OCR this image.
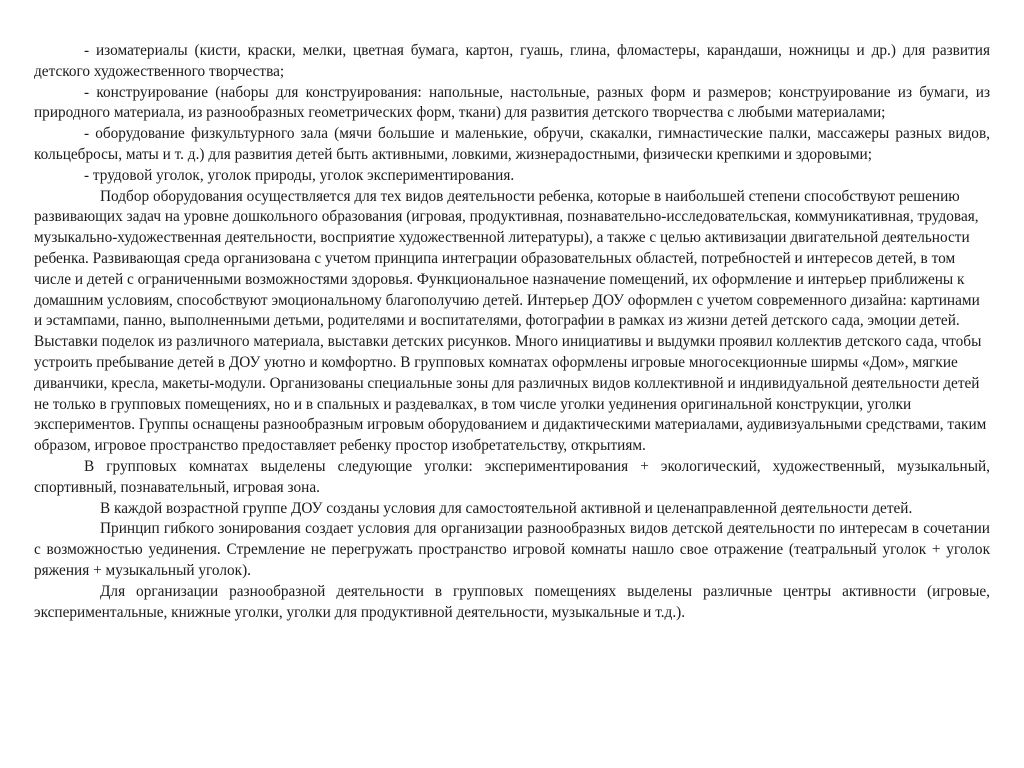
- изоматериалы (кисти, краски, мелки, цветная бумага, картон, гуашь, глина, фломастеры, карандаши, ножницы и др.) для развития детского художественного творчества;

- конструирование (наборы для конструирования: напольные, настольные, разных форм и размеров; конструирование из бумаги, из природного материала, из разнообразных геометрических форм, ткани) для развития детского творчества с любыми материалами;

- оборудование физкультурного зала (мячи большие и маленькие, обручи, скакалки, гимнастические палки, массажеры разных видов, кольцебросы, маты и т. д.) для развития детей быть активными, ловкими, жизнерадостными, физически крепкими и здоровыми;

- трудовой уголок, уголок природы, уголок экспериментирования.

Подбор оборудования осуществляется для тех видов деятельности ребенка, которые в наибольшей степени способствуют решению развивающих задач на уровне дошкольного образования (игровая, продуктивная, познавательно-исследовательская, коммуникативная, трудовая, музыкально-художественная деятельности, восприятие художественной литературы), а также с целью активизации двигательной деятельности ребенка. Развивающая среда организована с учетом принципа интеграции образовательных областей, потребностей и интересов детей, в том числе и детей с ограниченными возможностями здоровья. Функциональное назначение помещений, их оформление и интерьер приближены к домашним условиям, способствуют эмоциональному благополучию детей. Интерьер ДОУ оформлен с учетом современного дизайна: картинами и эстампами, панно, выполненными детьми, родителями и воспитателями, фотографии в рамках из жизни детей детского сада, эмоции детей. Выставки поделок из различного материала, выставки детских рисунков. Много инициативы и выдумки проявил коллектив детского сада, чтобы устроить пребывание детей в ДОУ уютно и комфортно. В групповых комнатах оформлены игровые многосекционные ширмы «Дом», мягкие диванчики, кресла, макеты-модули. Организованы специальные зоны для различных видов коллективной и индивидуальной деятельности детей не только в групповых помещениях, но и в спальных и раздевалках, в том числе уголки уединения оригинальной конструкции, уголки экспериментов. Группы оснащены разнообразным игровым оборудованием и дидактическими материалами, аудивизуальными средствами, таким образом, игровое пространство предоставляет ребенку простор изобретательству, открытиям.

В групповых комнатах выделены следующие уголки: экспериментирования + экологический, художественный, музыкальный, спортивный, познавательный, игровая зона.

В каждой возрастной группе ДОУ созданы условия для самостоятельной активной и целенаправленной деятельности детей.

Принцип гибкого зонирования создает условия для организации разнообразных видов детской деятельности по интересам в сочетании с возможностью уединения. Стремление не перегружать пространство игровой комнаты нашло свое отражение (театральный уголок + уголок ряжения + музыкальный уголок).

Для организации разнообразной деятельности в групповых помещениях выделены различные центры активности (игровые, экспериментальные, книжные уголки, уголки для продуктивной деятельности, музыкальные и т.д.).
